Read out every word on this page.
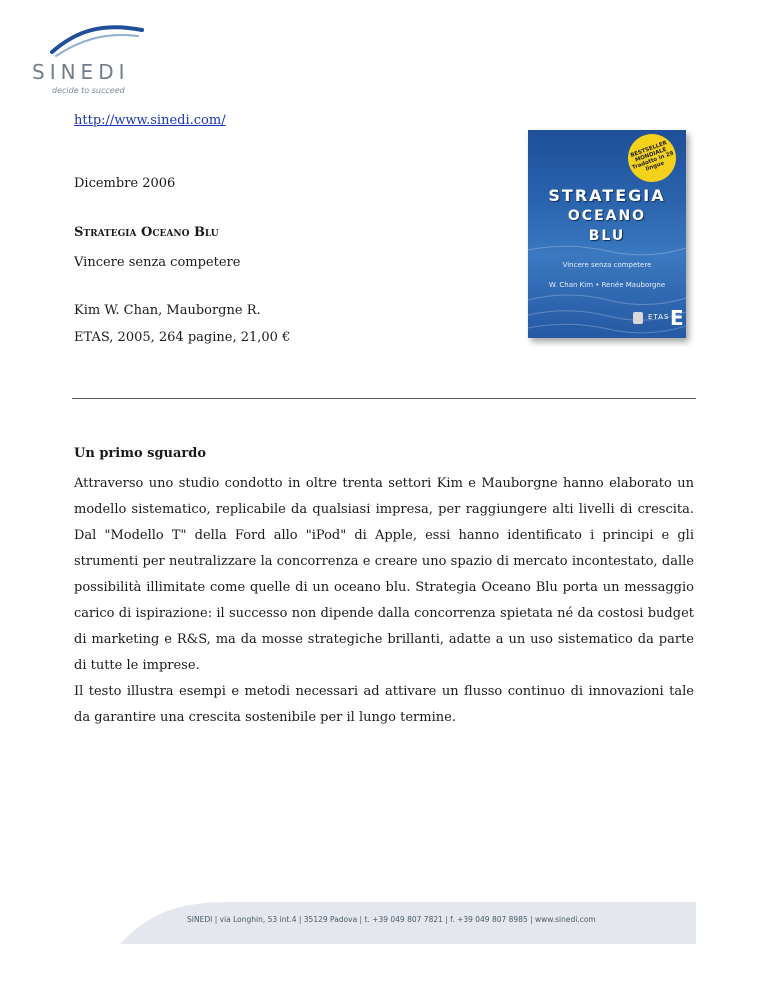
SINEDI
decide to succeed
http://www.sinedi.com/
Dicembre 2006
Strategia Oceano Blu
Vincere senza competere
Kim W. Chan, Mauborgne R.
ETAS, 2005, 264 pagine, 21,00 €
BESTSELLER MONDIALE Tradotto in 29 lingue
STRATEGIA
OCEANO
BLU
Vincere senza competere
W. Chan Kim • Renée Mauborgne
ETAS E
Un primo sguardo

Attraverso uno studio condotto in oltre trenta settori Kim e Mauborgne hanno elaborato un modello sistematico, replicabile da qualsiasi impresa, per raggiungere alti livelli di crescita. Dal "Modello T" della Ford allo "iPod" di Apple, essi hanno identificato i principi e gli strumenti per neutralizzare la concorrenza e creare uno spazio di mercato incontestato, dalle possibilità illimitate come quelle di un oceano blu. Strategia Oceano Blu porta un messaggio carico di ispirazione: il successo non dipende dalla concorrenza spietata né da costosi budget di marketing e R&S, ma da mosse strategiche brillanti, adatte a un uso sistematico da parte di tutte le imprese.

Il testo illustra esempi e metodi necessari ad attivare un flusso continuo di innovazioni tale da garantire una crescita sostenibile per il lungo termine.

SINEDI | via Longhin, 53 int.4 | 35129 Padova | t. +39 049 807 7821 | f. +39 049 807 8985 | www.sinedi.com
